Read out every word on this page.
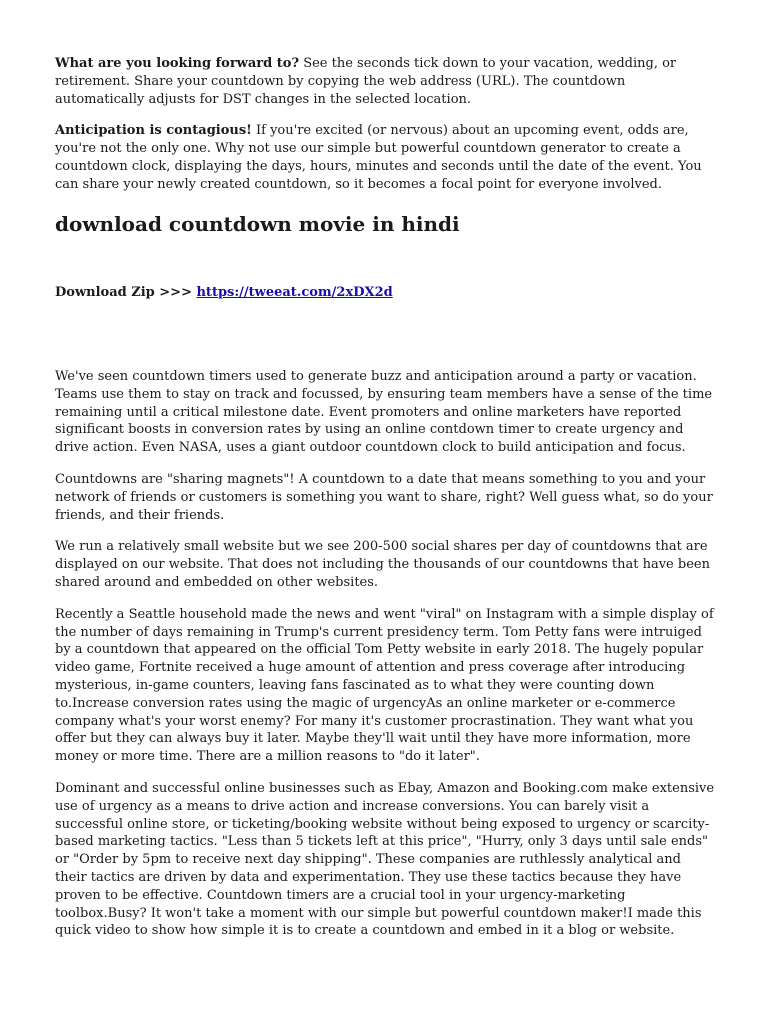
What are you looking forward to? See the seconds tick down to your vacation, wedding, or retirement. Share your countdown by copying the web address (URL). The countdown automatically adjusts for DST changes in the selected location.

Anticipation is contagious! If you're excited (or nervous) about an upcoming event, odds are, you're not the only one. Why not use our simple but powerful countdown generator to create a countdown clock, displaying the days, hours, minutes and seconds until the date of the event. You can share your newly created countdown, so it becomes a focal point for everyone involved.

download countdown movie in hindi
Download Zip >>> https://tweeat.com/2xDX2d

We've seen countdown timers used to generate buzz and anticipation around a party or vacation. Teams use them to stay on track and focussed, by ensuring team members have a sense of the time remaining until a critical milestone date. Event promoters and online marketers have reported significant boosts in conversion rates by using an online contdown timer to create urgency and drive action. Even NASA, uses a giant outdoor countdown clock to build anticipation and focus.

Countdowns are "sharing magnets"! A countdown to a date that means something to you and your network of friends or customers is something you want to share, right? Well guess what, so do your friends, and their friends.

We run a relatively small website but we see 200-500 social shares per day of countdowns that are displayed on our website. That does not including the thousands of our countdowns that have been shared around and embedded on other websites.

Recently a Seattle household made the news and went "viral" on Instagram with a simple display of the number of days remaining in Trump's current presidency term. Tom Petty fans were intruiged by a countdown that appeared on the official Tom Petty website in early 2018. The hugely popular video game, Fortnite received a huge amount of attention and press coverage after introducing mysterious, in-game counters, leaving fans fascinated as to what they were counting down to.Increase conversion rates using the magic of urgencyAs an online marketer or e-commerce company what's your worst enemy? For many it's customer procrastination. They want what you offer but they can always buy it later. Maybe they'll wait until they have more information, more money or more time. There are a million reasons to "do it later".

Dominant and successful online businesses such as Ebay, Amazon and Booking.com make extensive use of urgency as a means to drive action and increase conversions. You can barely visit a successful online store, or ticketing/booking website without being exposed to urgency or scarcity-based marketing tactics. "Less than 5 tickets left at this price", "Hurry, only 3 days until sale ends" or "Order by 5pm to receive next day shipping". These companies are ruthlessly analytical and their tactics are driven by data and experimentation. They use these tactics because they have proven to be effective. Countdown timers are a crucial tool in your urgency-marketing toolbox.Busy? It won't take a moment with our simple but powerful countdown maker!I made this quick video to show how simple it is to create a countdown and embed in it a blog or website.
